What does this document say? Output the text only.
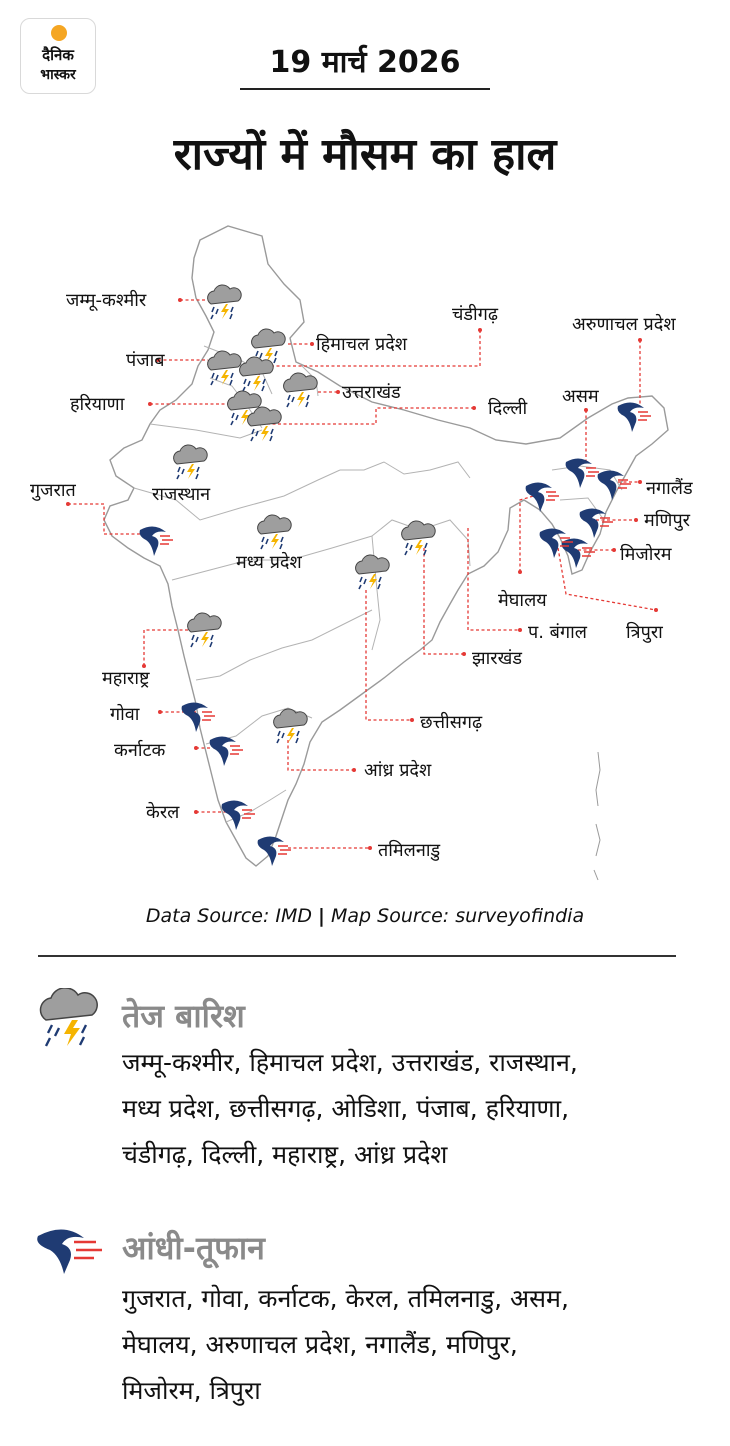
दैनिक
भास्कर	19 मार्च 2026
राज्यों में मौसम का हाल
जम्मू-कश्मीर
हिमाचल प्रदेश
पंजाब
उत्तराखंड
हरियाणा
चंडीगढ़
दिल्ली
अरुणाचल प्रदेश
असम
गुजरात	राजस्थान	नगालैंड
मणिपुर
मिजोरम
मध्य प्रदेश
मेघालय
प. बंगाल त्रिपुरा
झारखंड
महाराष्ट्र
गोवा	छत्तीसगढ़
कर्नाटक
आंध्र प्रदेश
केरल
तमिलनाडु
Data Source: IMD | Map Source: surveyofindia
तेज बारिश
जम्मू-कश्मीर, हिमाचल प्रदेश, उत्तराखंड, राजस्थान,
मध्य प्रदेश, छत्तीसगढ़, ओडिशा, पंजाब, हरियाणा,
चंडीगढ़, दिल्ली, महाराष्ट्र, आंध्र प्रदेश
आंधी-तूफान
गुजरात, गोवा, कर्नाटक, केरल, तमिलनाडु, असम,
मेघालय, अरुणाचल प्रदेश, नगालैंड, मणिपुर,
मिजोरम, त्रिपुरा
